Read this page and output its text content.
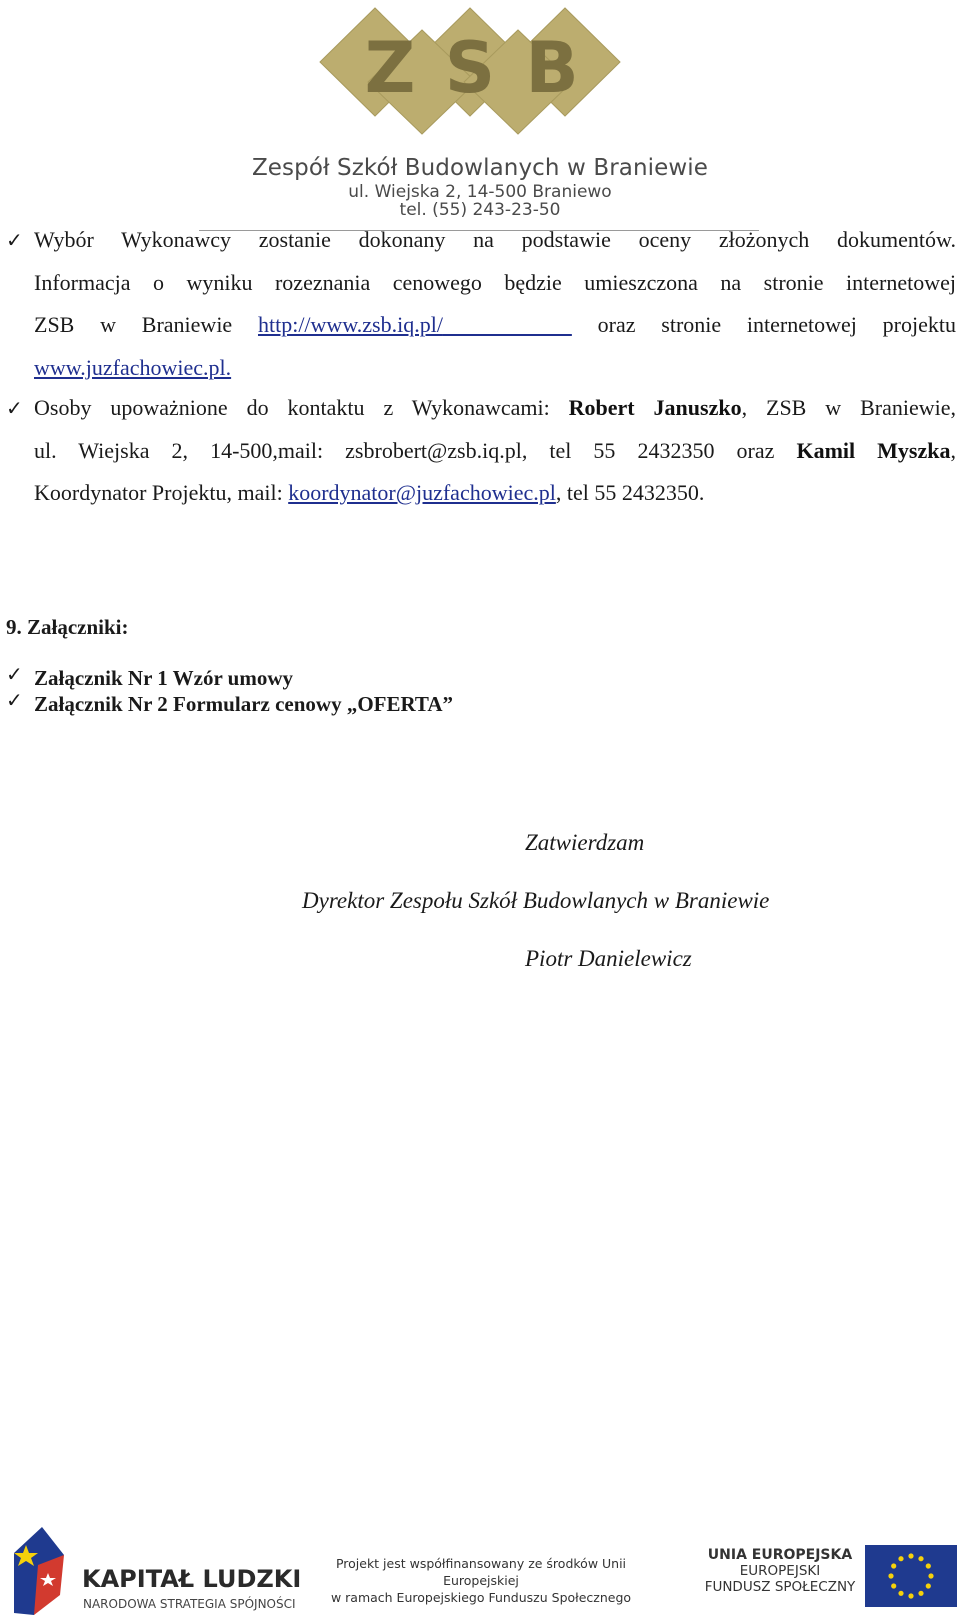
Z S B
Zespół Szkół Budowlanych w Braniewie
ul. Wiejska 2, 14-500 Braniewo
tel. (55) 243-23-50
✓ Wybór Wykonawcy zostanie dokonany na podstawie oceny złożonych dokumentów.
Informacja o wyniku rozeznania cenowego będzie umieszczona na stronie internetowej
ZSB w Braniewie http://www.zsb.iq.pl/	oraz stronie internetowej projektu
www.juzfachowiec.pl.
✓ Osoby upoważnione do kontaktu z Wykonawcami: Robert Januszko, ZSB w Braniewie,
ul. Wiejska 2, 14-500,mail: zsbrobert@zsb.iq.pl, tel 55 2432350 oraz Kamil Myszka,
Koordynator Projektu, mail: koordynator@juzfachowiec.pl, tel 55 2432350.
9. Załączniki:
✓ Załącznik Nr 1 Wzór umowy
✓ Załącznik Nr 2 Formularz cenowy „OFERTA”
Zatwierdzam
Dyrektor Zespołu Szkół Budowlanych w Braniewie
Piotr Danielewicz
KAPITAŁ LUDZKI
NARODOWA STRATEGIA SPÓJNOŚCI
Projekt jest współfinansowany ze środków Unii Europejskiej
w ramach Europejskiego Funduszu Społecznego
UNIA EUROPEJSKA
EUROPEJSKI
FUNDUSZ SPOŁECZNY
